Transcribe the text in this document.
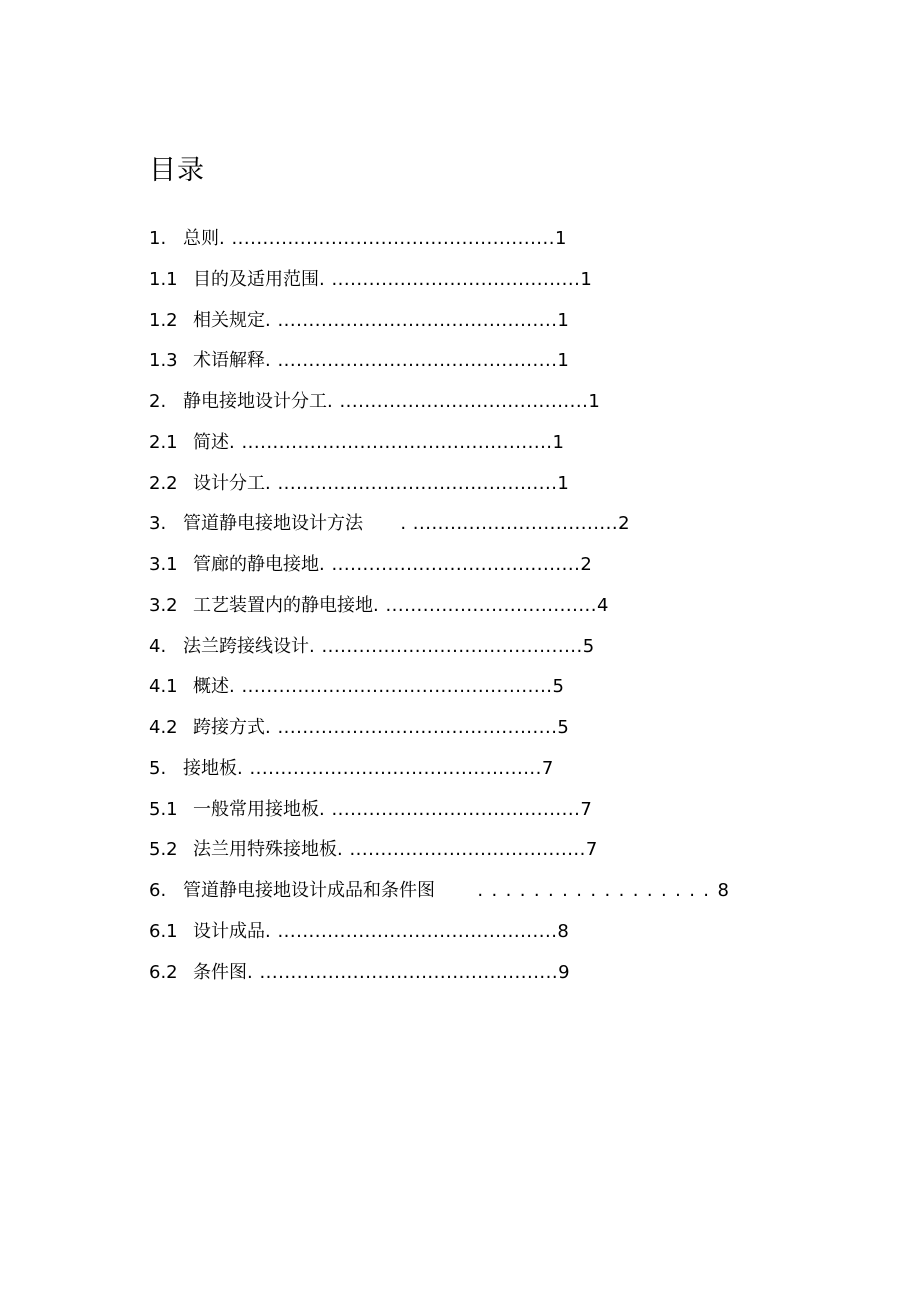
目录
1. 总则 . .................................................... 1
1.1 目的及适用范围 . ........................................ 1
1.2 相关规定 . ............................................. 1
1.3 术语解释 . ............................................. 1
2. 静电接地设计分工 . ........................................ 1
2.1 简述 . .................................................. 1
2.2 设计分工 . ............................................. 1
3. 管道静电接地设计方法 . ................................. 2
3.1 管廊的静电接地 . ........................................ 2
3.2 工艺装置内的静电接地 . .................................. 4
4. 法兰跨接线设计 . .......................................... 5
4.1 概述 . .................................................. 5
4.2 跨接方式 . ............................................. 5
5. 接地板 . ............................................... 7
5.1 一般常用接地板 . ........................................ 7
5.2 法兰用特殊接地板 . ...................................... 7
6. 管道静电接地设计成品和条件图 ................. 8
6.1 设计成品 . ............................................. 8
6.2 条件图 . ................................................ 9
